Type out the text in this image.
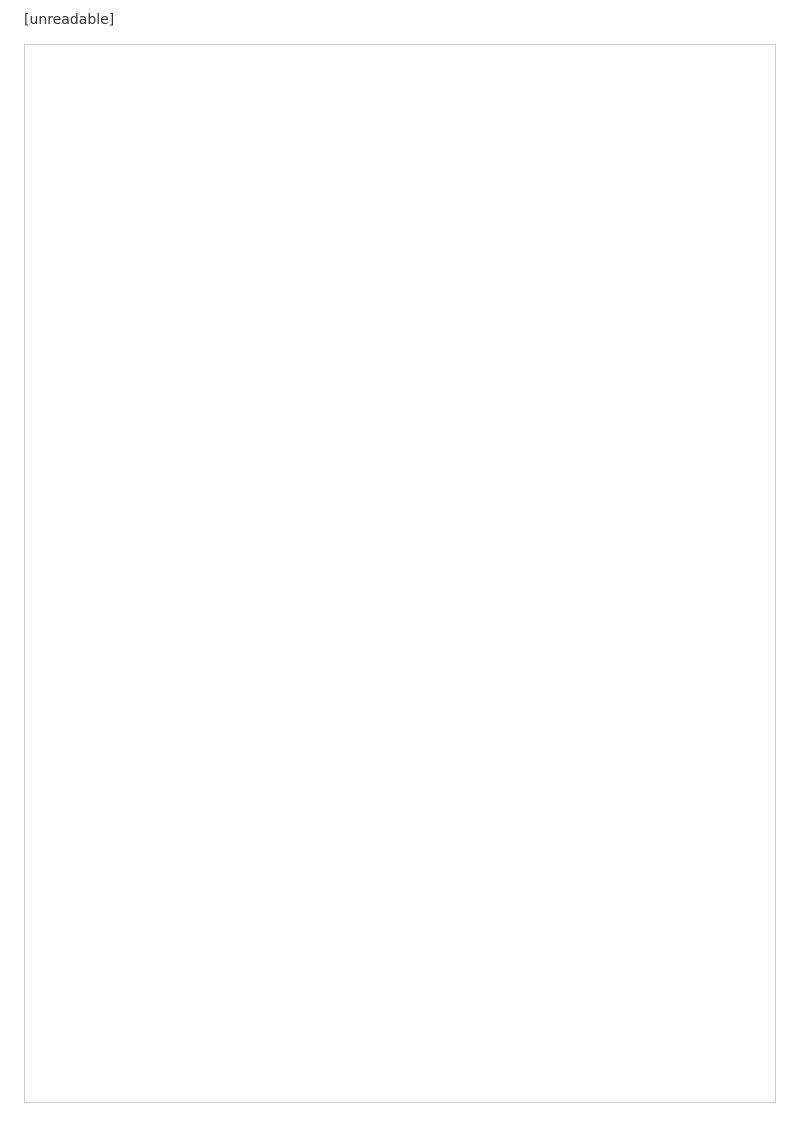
[unreadable]
